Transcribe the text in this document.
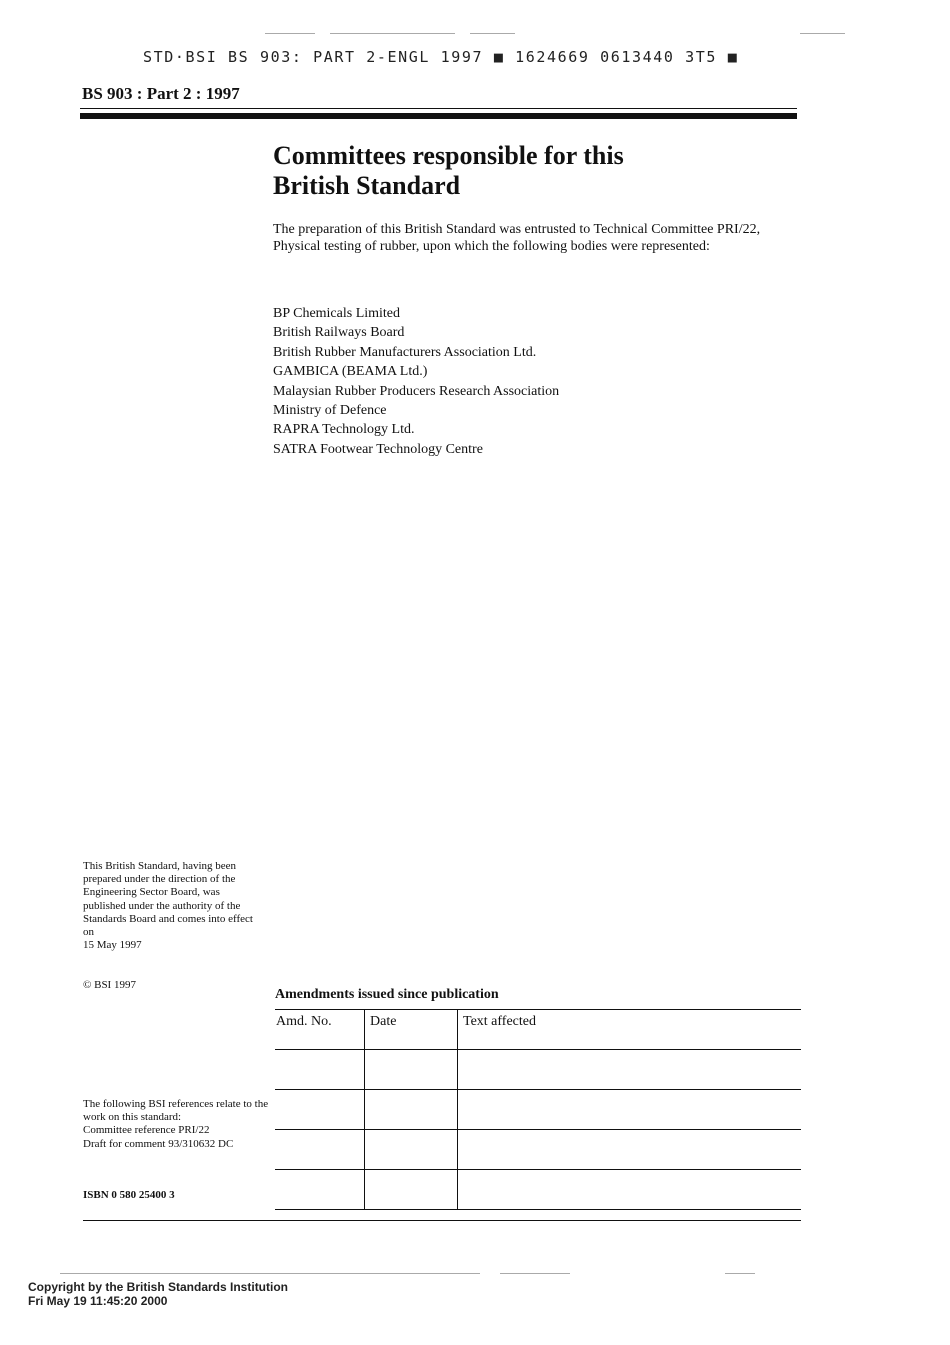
STD·BSI BS 903: PART 2-ENGL 1997 ■ 1624669 0613440 3T5 ■
BS 903 : Part 2 : 1997
Committees responsible for this
British Standard

The preparation of this British Standard was entrusted to Technical Committee PRI/22, Physical testing of rubber, upon which the following bodies were represented:

BP Chemicals Limited
British Railways Board
British Rubber Manufacturers Association Ltd.
GAMBICA (BEAMA Ltd.)
Malaysian Rubber Producers Research Association
Ministry of Defence
RAPRA Technology Ltd.
SATRA Footwear Technology Centre

This British Standard, having been prepared under the direction of the Engineering Sector Board, was published under the authority of the Standards Board and comes into effect on
15 May 1997

© BSI 1997
Amendments issued since publication
Amd. No.	Date	Text affected

The following BSI references relate to the work on this standard:
Committee reference PRI/22
Draft for comment 93/310632 DC

ISBN 0 580 25400 3

Copyright by the British Standards Institution
Fri May 19 11:45:20 2000
